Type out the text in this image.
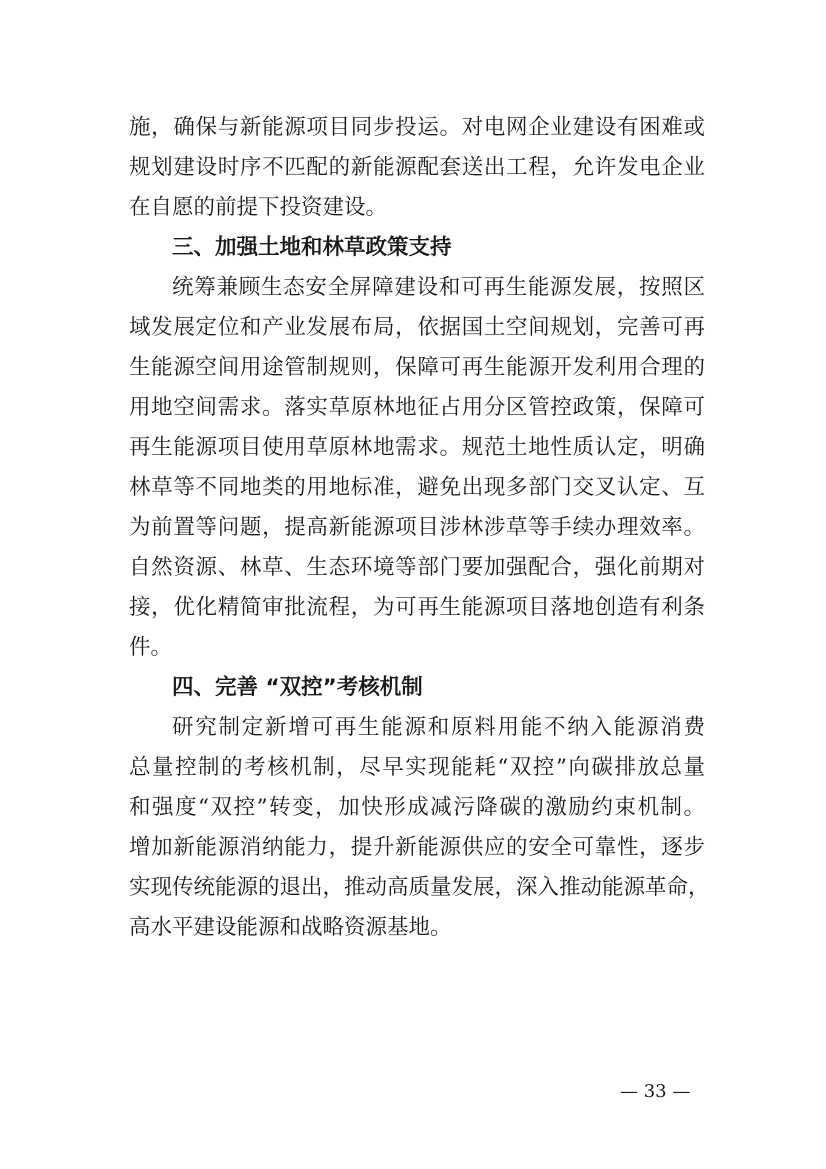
施，确保与新能源项目同步投运。对电网企业建设有困难或
规划建设时序不匹配的新能源配套送出工程，允许发电企业
在自愿的前提下投资建设。
三、加强土地和林草政策支持
统筹兼顾生态安全屏障建设和可再生能源发展，按照区
域发展定位和产业发展布局，依据国土空间规划，完善可再
生能源空间用途管制规则，保障可再生能源开发利用合理的
用地空间需求。落实草原林地征占用分区管控政策，保障可
再生能源项目使用草原林地需求。规范土地性质认定，明确
林草等不同地类的用地标准，避免出现多部门交叉认定、互
为前置等问题，提高新能源项目涉林涉草等手续办理效率。
自然资源、林草、生态环境等部门要加强配合，强化前期对
接，优化精简审批流程，为可再生能源项目落地创造有利条
件。
四、完善 “双控”考核机制
研究制定新增可再生能源和原料用能不纳入能源消费
总量控制的考核机制，尽早实现能耗“双控”向碳排放总量
和强度“双控”转变，加快形成减污降碳的激励约束机制。
增加新能源消纳能力，提升新能源供应的安全可靠性，逐步
实现传统能源的退出，推动高质量发展，深入推动能源革命，
高水平建设能源和战略资源基地。
— 33 —
